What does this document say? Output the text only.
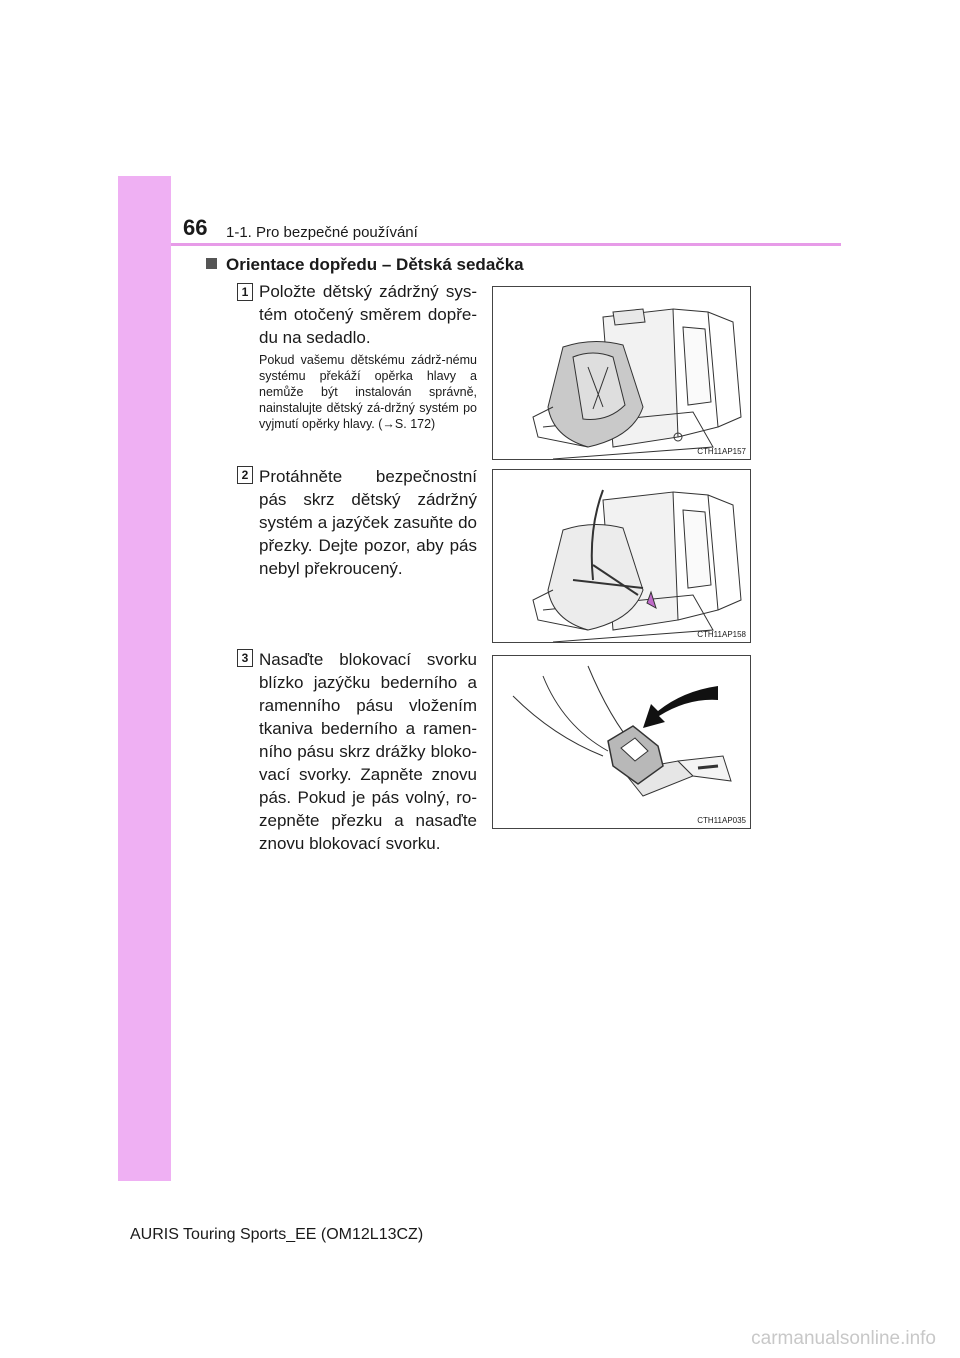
66 1-1. Pro bezpečné používání
Orientace dopředu – Dětská sedačka
1 Položte dětský zádržný sys-tém otočený směrem dopře-du na sedadlo.
Pokud vašemu dětskému zádrž-nému systému překáží opěrka hlavy a nemůže být instalován správně, nainstalujte dětský zá-držný systém po vyjmutí opěrky hlavy. (→S. 172)
CTH11AP157
2 Protáhněte bezpečnostní pás skrz dětský zádržný systém a jazýček zasuňte do přezky. Dejte pozor, aby pás nebyl překroucený.
CTH11AP158
3 Nasaďte blokovací svorku blízko jazýčku bederního a ramenního pásu vložením tkaniva bederního a ramen-ního pásu skrz drážky bloko-vací svorky. Zapněte znovu pás. Pokud je pás volný, ro-zepněte přezku a nasaďte znovu blokovací svorku.
CTH11AP035
AURIS Touring Sports_EE (OM12L13CZ)
carmanualsonline.info
